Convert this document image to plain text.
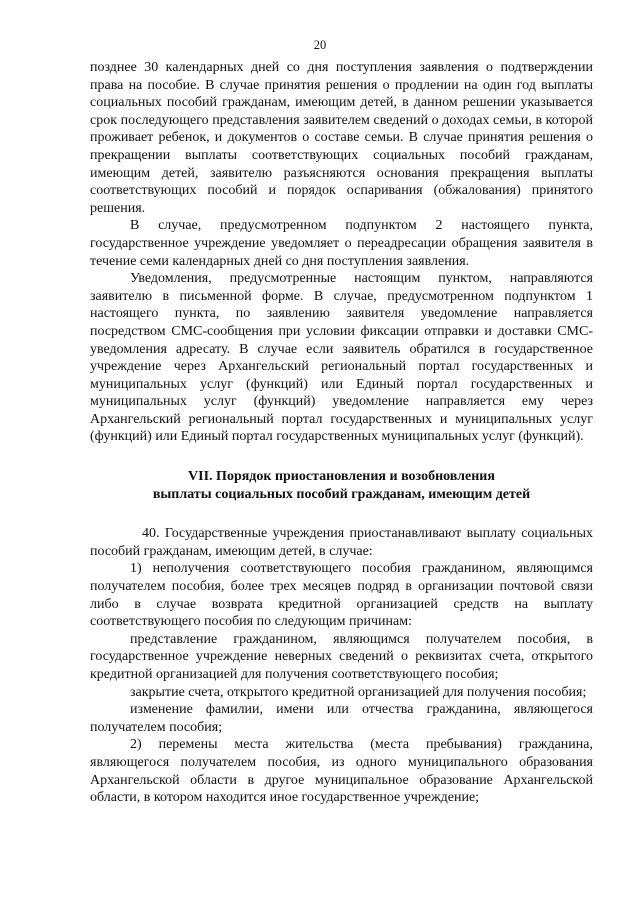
20

позднее 30 календарных дней со дня поступления заявления о подтверждении права на пособие. В случае принятия решения о продлении на один год выплаты социальных пособий гражданам, имеющим детей, в данном решении указывается срок последующего представления заявителем сведений о доходах семьи, в которой проживает ребенок, и документов о составе семьи. В случае принятия решения о прекращении выплаты соответствующих социальных пособий гражданам, имеющим детей, заявителю разъясняются основания прекращения выплаты соответствующих пособий и порядок оспаривания (обжалования) принятого решения.

В случае, предусмотренном подпунктом 2 настоящего пункта, государственное учреждение уведомляет о переадресации обращения заявителя в течение семи календарных дней со дня поступления заявления.

Уведомления, предусмотренные настоящим пунктом, направляются заявителю в письменной форме. В случае, предусмотренном подпунктом 1 настоящего пункта, по заявлению заявителя уведомление направляется посредством СМС-сообщения при условии фиксации отправки и доставки СМС-уведомления адресату. В случае если заявитель обратился в государственное учреждение через Архангельский региональный портал государственных и муниципальных услуг (функций) или Единый портал государственных и муниципальных услуг (функций) уведомление направляется ему через Архангельский региональный портал государственных и муниципальных услуг (функций) или Единый портал государственных муниципальных услуг (функций).

VII. Порядок приостановления и возобновления
выплаты социальных пособий гражданам, имеющим детей

40. Государственные учреждения приостанавливают выплату социальных пособий гражданам, имеющим детей, в случае:

1) неполучения соответствующего пособия гражданином, являющимся получателем пособия, более трех месяцев подряд в организации почтовой связи либо в случае возврата кредитной организацией средств на выплату соответствующего пособия по следующим причинам:

представление гражданином, являющимся получателем пособия, в государственное учреждение неверных сведений о реквизитах счета, открытого кредитной организацией для получения соответствующего пособия;

закрытие счета, открытого кредитной организацией для получения пособия;

изменение фамилии, имени или отчества гражданина, являющегося получателем пособия;

2) перемены места жительства (места пребывания) гражданина, являющегося получателем пособия, из одного муниципального образования Архангельской области в другое муниципальное образование Архангельской области, в котором находится иное государственное учреждение;
